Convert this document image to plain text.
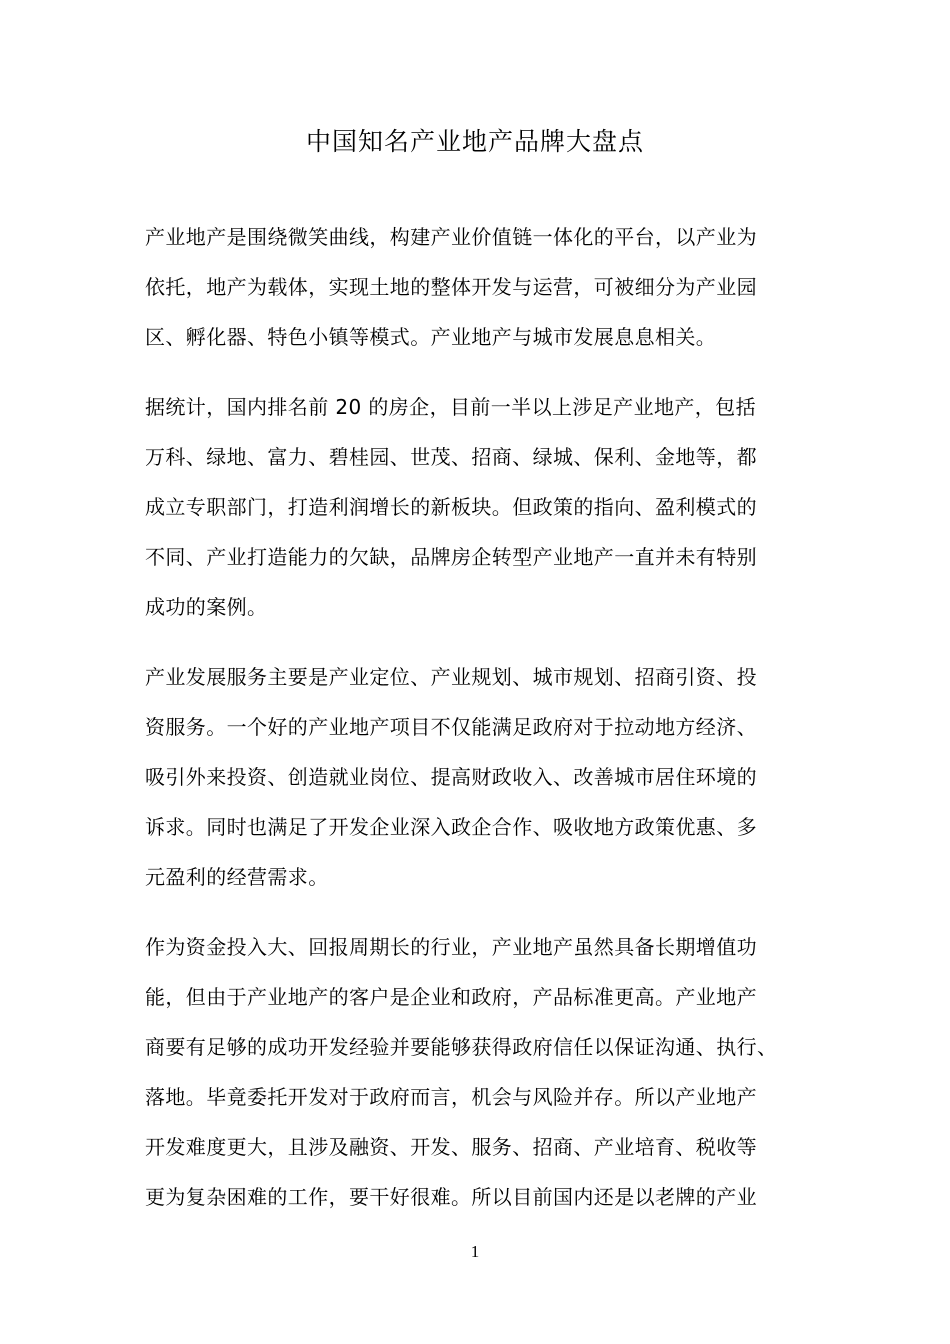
中国知名产业地产品牌大盘点

产业地产是围绕微笑曲线，构建产业价值链一体化的平台，以产业为
依托，地产为载体，实现土地的整体开发与运营，可被细分为产业园
区、孵化器、特色小镇等模式。产业地产与城市发展息息相关。

据统计，国内排名前 20 的房企，目前一半以上涉足产业地产，包括
万科、绿地、富力、碧桂园、世茂、招商、绿城、保利、金地等，都
成立专职部门，打造利润增长的新板块。但政策的指向、盈利模式的
不同、产业打造能力的欠缺，品牌房企转型产业地产一直并未有特别
成功的案例。

产业发展服务主要是产业定位、产业规划、城市规划、招商引资、投
资服务。一个好的产业地产项目不仅能满足政府对于拉动地方经济、
吸引外来投资、创造就业岗位、提高财政收入、改善城市居住环境的
诉求。同时也满足了开发企业深入政企合作、吸收地方政策优惠、多
元盈利的经营需求。

作为资金投入大、回报周期长的行业，产业地产虽然具备长期增值功
能，但由于产业地产的客户是企业和政府，产品标准更高。产业地产
商要有足够的成功开发经验并要能够获得政府信任以保证沟通、执行、
落地。毕竟委托开发对于政府而言，机会与风险并存。所以产业地产
开发难度更大，且涉及融资、开发、服务、招商、产业培育、税收等
更为复杂困难的工作，要干好很难。所以目前国内还是以老牌的产业

1
